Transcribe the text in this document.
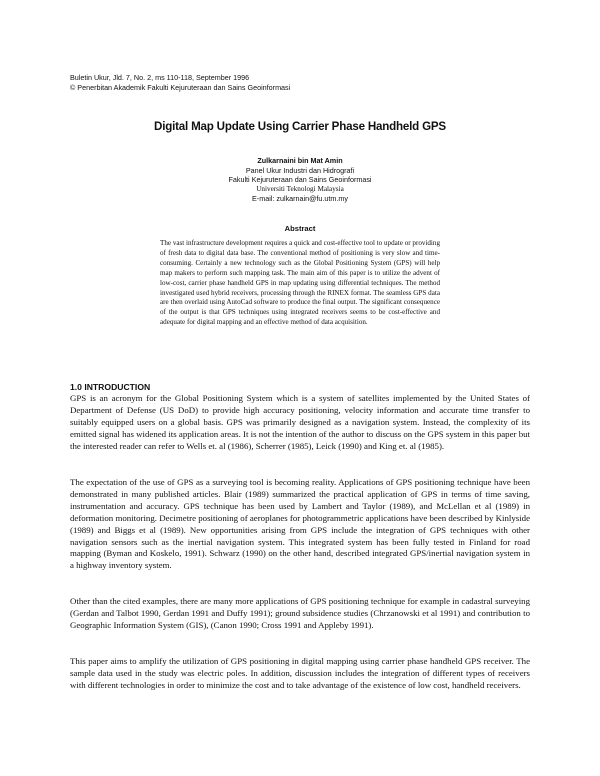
Buletin Ukur, Jld. 7, No. 2, ms 110-118, September 1996
© Penerbitan Akademik Fakulti Kejuruteraan dan Sains Geoinformasi
Digital Map Update Using Carrier Phase Handheld GPS
Zulkarnaini bin Mat Amin
Panel Ukur Industri dan Hidrografi
Fakulti Kejuruteraan dan Sains Geoinformasi
Universiti Teknologi Malaysia
E-mail: zulkarnain@fu.utm.my
Abstract
The vast infrastructure development requires a quick and cost-effective tool to update or providing of fresh data to digital data base. The conventional method of positioning is very slow and time-consuming. Certainly a new technology such as the Global Positioning System (GPS) will help map makers to perform such mapping task. The main aim of this paper is to utilize the advent of low-cost, carrier phase handheld GPS in map updating using differential techniques. The method investigated used hybrid receivers, processing through the RINEX format. The seamless GPS data are then overlaid using AutoCad software to produce the final output. The significant consequence of the output is that GPS techniques using integrated receivers seems to be cost-effective and adequate for digital mapping and an effective method of data acquisition.
1.0 INTRODUCTION

GPS is an acronym for the Global Positioning System which is a system of satellites implemented by the United States of Department of Defense (US DoD) to provide high accuracy positioning, velocity information and accurate time transfer to suitably equipped users on a global basis. GPS was primarily designed as a navigation system. Instead, the complexity of its emitted signal has widened its application areas. It is not the intention of the author to discuss on the GPS system in this paper but the interested reader can refer to Wells et. al (1986), Scherrer (1985), Leick (1990) and King et. al (1985).

The expectation of the use of GPS as a surveying tool is becoming reality. Applications of GPS positioning technique have been demonstrated in many published articles. Blair (1989) summarized the practical application of GPS in terms of time saving, instrumentation and accuracy. GPS technique has been used by Lambert and Taylor (1989), and McLellan et al (1989) in deformation monitoring. Decimetre positioning of aeroplanes for photogrammetric applications have been described by Kinlyside (1989) and Biggs et al (1989). New opportunities arising from GPS include the integration of GPS techniques with other navigation sensors such as the inertial navigation system. This integrated system has been fully tested in Finland for road mapping (Byman and Koskelo, 1991). Schwarz (1990) on the other hand, described integrated GPS/inertial navigation system in a highway inventory system.

Other than the cited examples, there are many more applications of GPS positioning technique for example in cadastral surveying (Gerdan and Talbot 1990, Gerdan 1991 and Duffy 1991); ground subsidence studies (Chrzanowski et al 1991) and contribution to Geographic Information System (GIS), (Canon 1990; Cross 1991 and Appleby 1991).

This paper aims to amplify the utilization of GPS positioning in digital mapping using carrier phase handheld GPS receiver. The sample data used in the study was electric poles. In addition, discussion includes the integration of different types of receivers with different technologies in order to minimize the cost and to take advantage of the existence of low cost, handheld receivers.
